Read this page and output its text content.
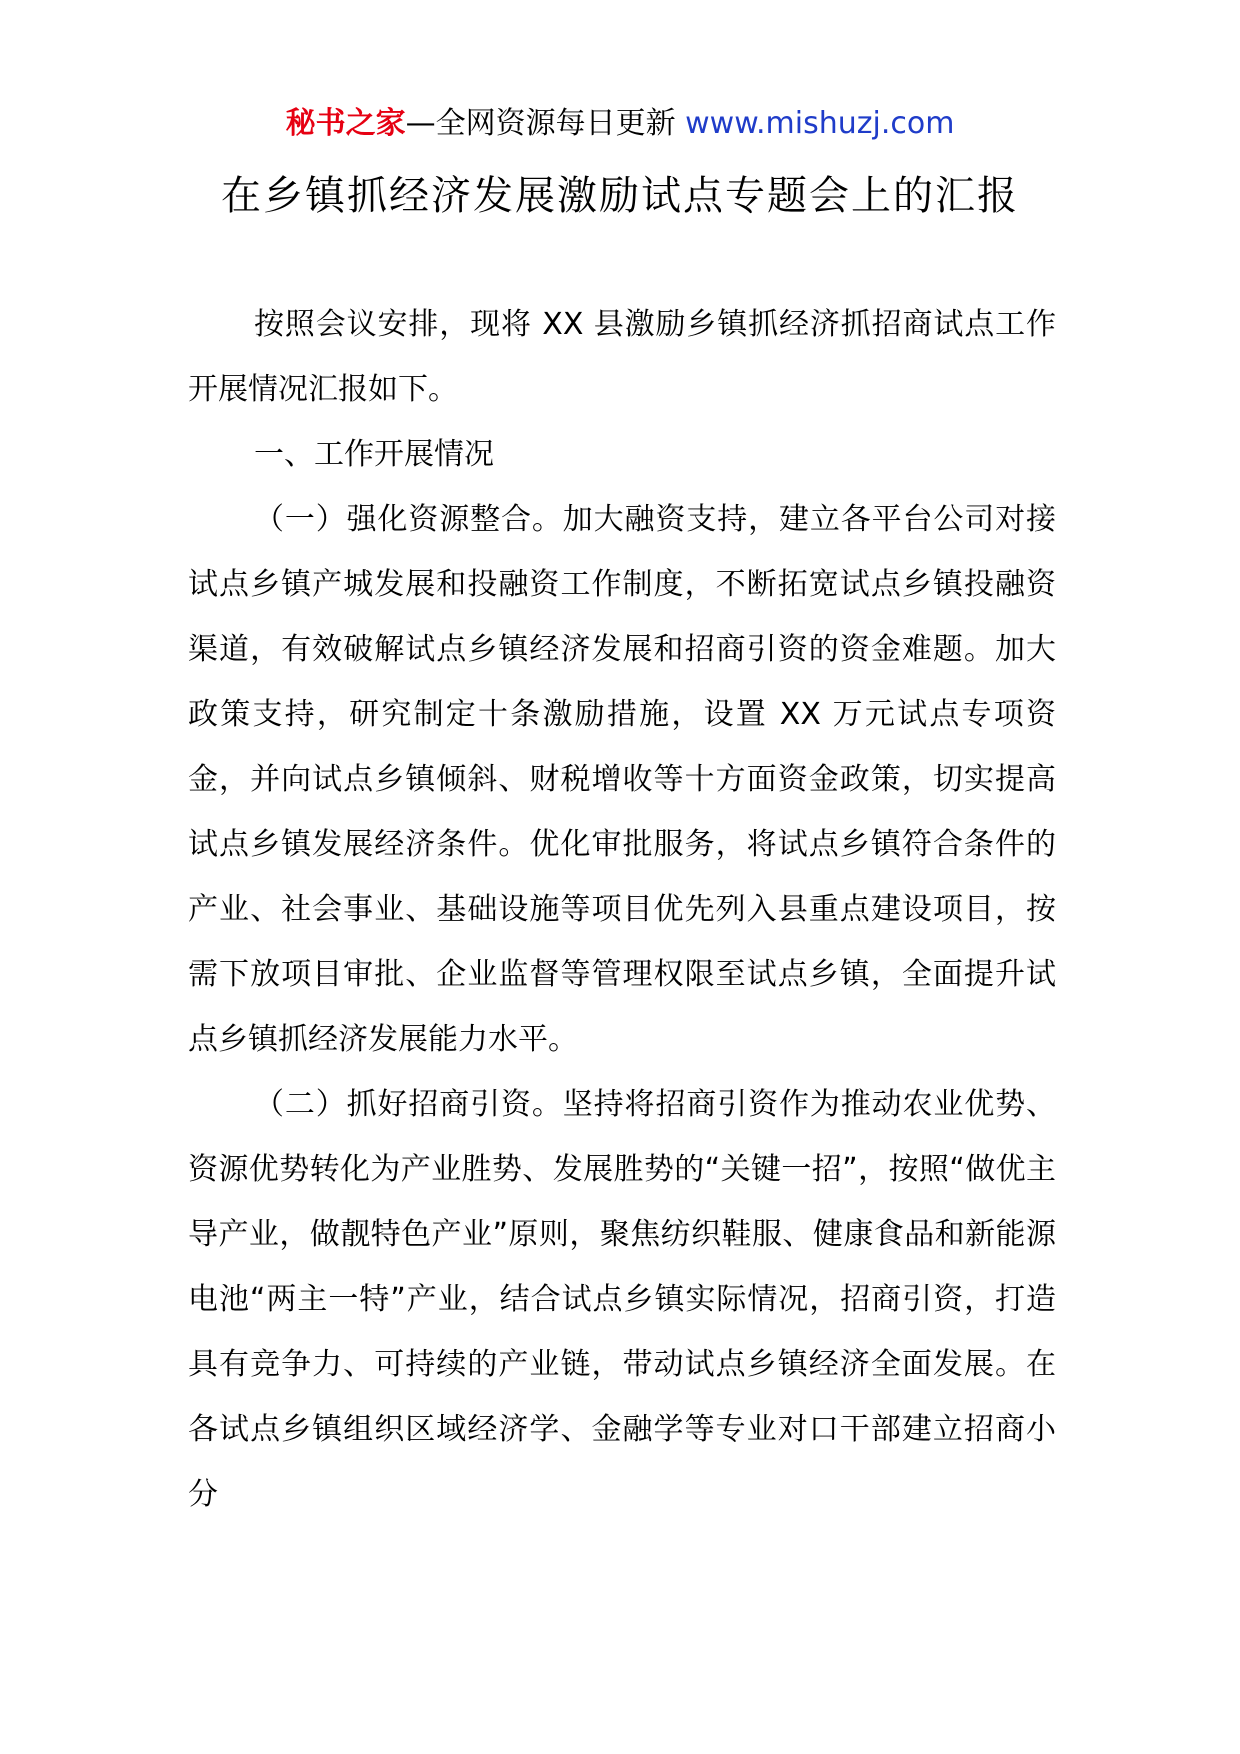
秘书之家—全网资源每日更新 www.mishuzj.com
在乡镇抓经济发展激励试点专题会上的汇报

按照会议安排，现将 XX 县激励乡镇抓经济抓招商试点工作开展情况汇报如下。

一、工作开展情况

（一）强化资源整合。加大融资支持，建立各平台公司对接试点乡镇产城发展和投融资工作制度，不断拓宽试点乡镇投融资渠道，有效破解试点乡镇经济发展和招商引资的资金难题。加大政策支持，研究制定十条激励措施，设置 XX 万元试点专项资金，并向试点乡镇倾斜、财税增收等十方面资金政策，切实提高试点乡镇发展经济条件。优化审批服务，将试点乡镇符合条件的产业、社会事业、基础设施等项目优先列入县重点建设项目，按需下放项目审批、企业监督等管理权限至试点乡镇，全面提升试点乡镇抓经济发展能力水平。

（二）抓好招商引资。坚持将招商引资作为推动农业优势、资源优势转化为产业胜势、发展胜势的“关键一招”，按照“做优主导产业，做靓特色产业”原则，聚焦纺织鞋服、健康食品和新能源电池“两主一特”产业，结合试点乡镇实际情况，招商引资，打造具有竞争力、可持续的产业链，带动试点乡镇经济全面发展。在各试点乡镇组织区域经济学、金融学等专业对口干部建立招商小分
